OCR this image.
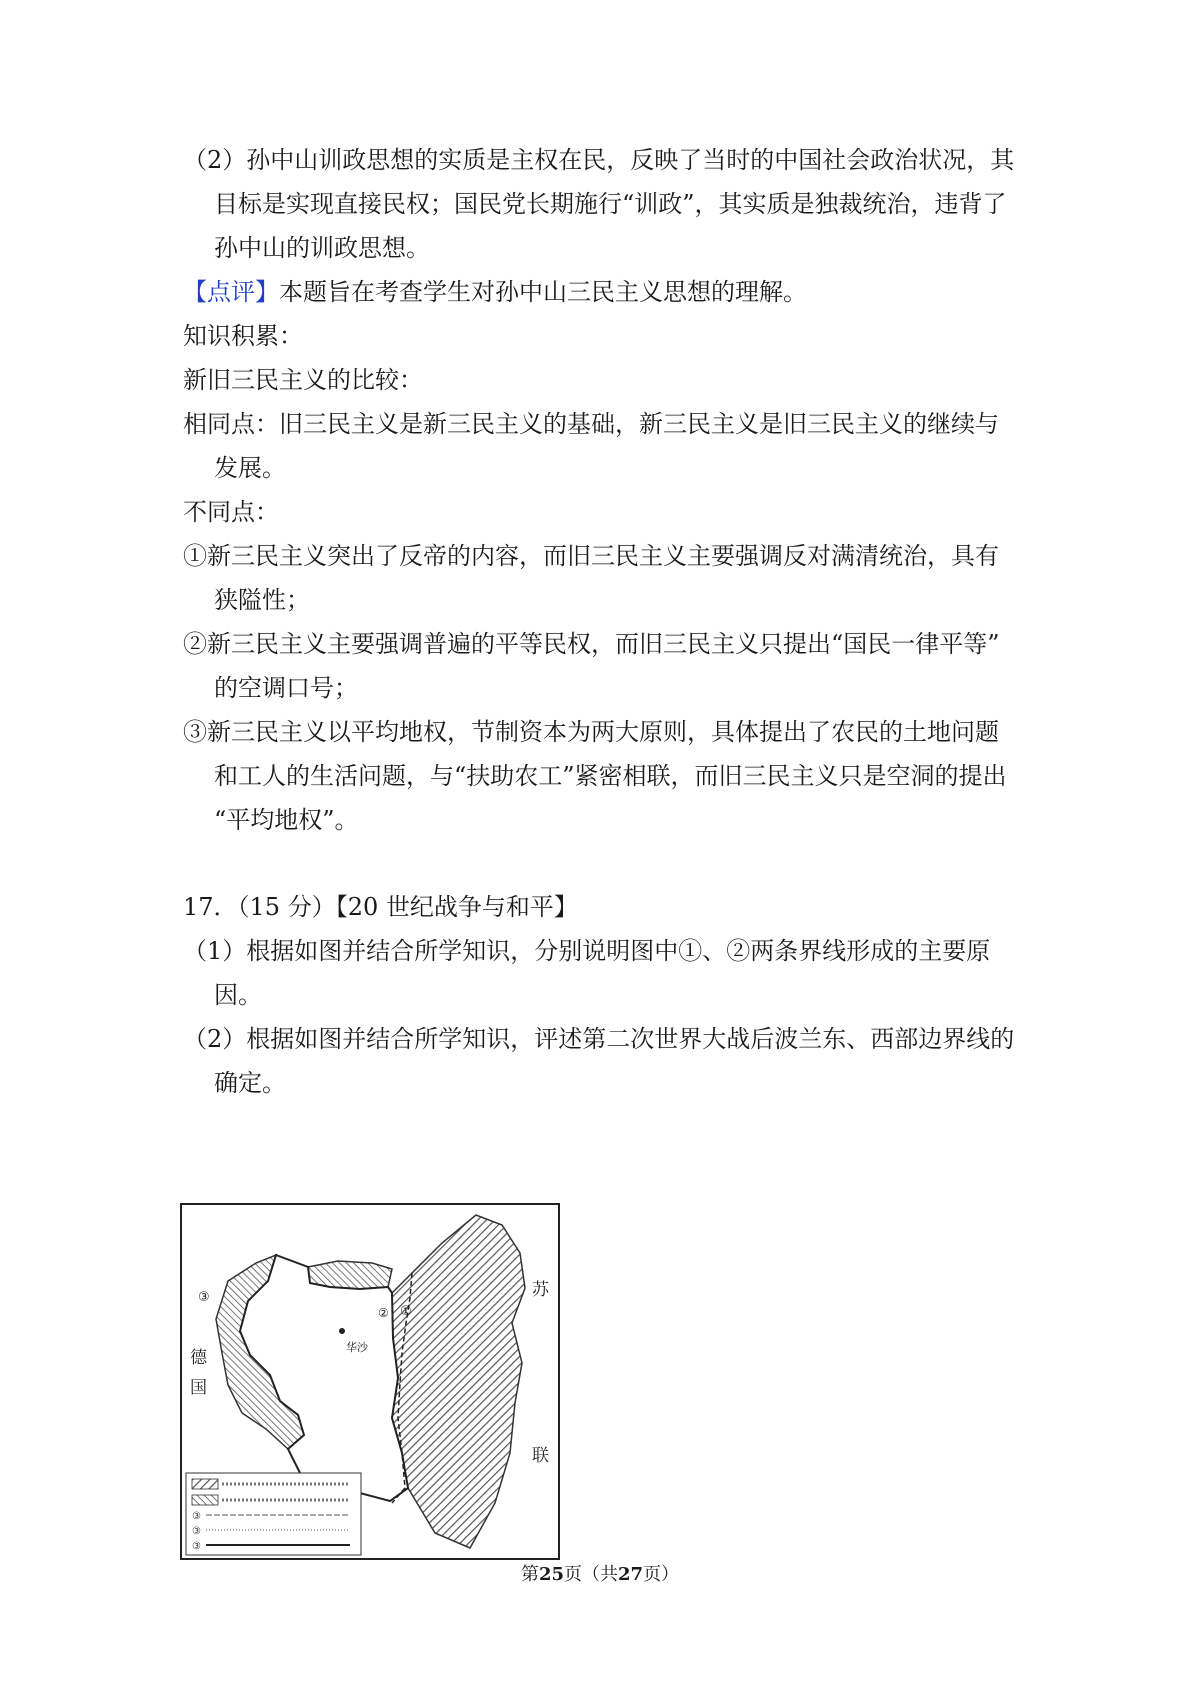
（2）孙中山训政思想的实质是主权在民，反映了当时的中国社会政治状况，其
目标是实现直接民权；国民党长期施行“训政”，其实质是独裁统治，违背了
孙中山的训政思想。
【点评】本题旨在考查学生对孙中山三民主义思想的理解。
知识积累：
新旧三民主义的比较：
相同点：旧三民主义是新三民主义的基础，新三民主义是旧三民主义的继续与
发展。
不同点：
①新三民主义突出了反帝的内容，而旧三民主义主要强调反对满清统治，具有
狭隘性；
②新三民主义主要强调普遍的平等民权，而旧三民主义只提出“国民一律平等”
的空调口号；
③新三民主义以平均地权，节制资本为两大原则，具体提出了农民的土地问题
和工人的生活问题，与“扶助农工”紧密相联，而旧三民主义只是空洞的提出
“平均地权”。
17．（15 分）【20 世纪战争与和平】
（1）根据如图并结合所学知识，分别说明图中①、②两条界线形成的主要原
因。
（2）根据如图并结合所学知识，评述第二次世界大战后波兰东、西部边界线的
确定。
华沙
①
③
②
德
国
苏
联
③
③
③
第25页（共27页）
